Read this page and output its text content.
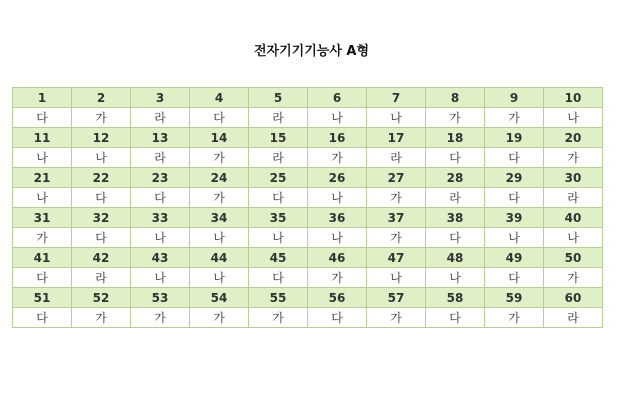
전자기기기능사 A형
1	2	3	4	5	6	7	8	9	10
다	가	라	다	라	나	나	가	가	나
11	12	13	14	15	16	17	18	19	20
나	나	라	가	라	가	라	다	다	가
21	22	23	24	25	26	27	28	29	30
나	다	다	가	다	나	가	라	다	라
31	32	33	34	35	36	37	38	39	40
가	다	나	나	나	나	가	다	나	나
41	42	43	44	45	46	47	48	49	50
다	라	나	나	다	가	나	나	다	가
51	52	53	54	55	56	57	58	59	60
다	가	가	가	가	다	가	다	가	라
